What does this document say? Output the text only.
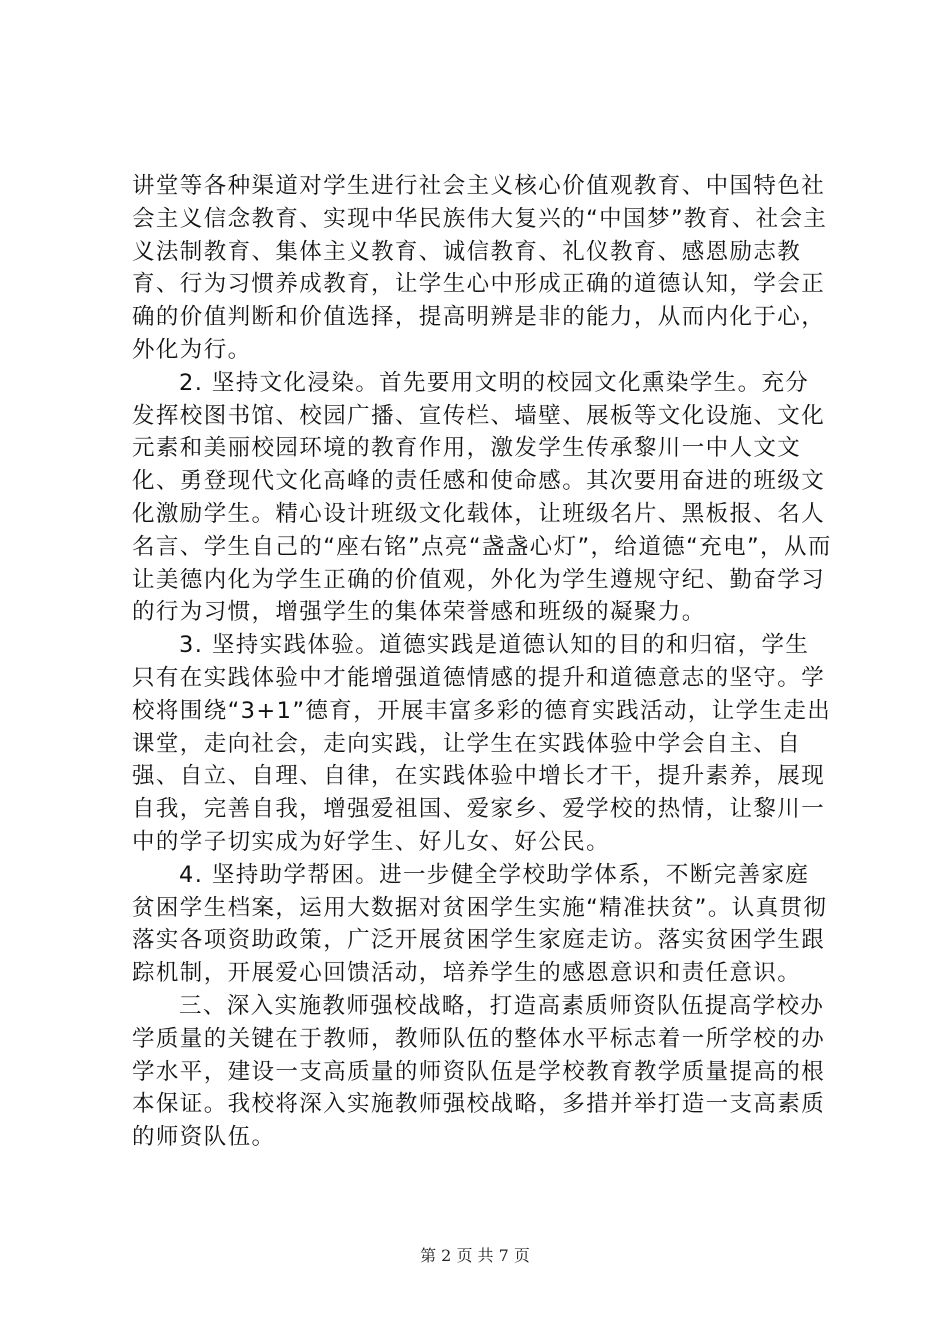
讲堂等各种渠道对学生进行社会主义核心价值观教育、中国特色社会主义信念教育、实现中华民族伟大复兴的“中国梦”教育、社会主义法制教育、集体主义教育、诚信教育、礼仪教育、感恩励志教育、行为习惯养成教育，让学生心中形成正确的道德认知，学会正确的价值判断和价值选择，提高明辨是非的能力，从而内化于心，外化为行。

2. 坚持文化浸染。首先要用文明的校园文化熏染学生。充分发挥校图书馆、校园广播、宣传栏、墙壁、展板等文化设施、文化元素和美丽校园环境的教育作用，激发学生传承黎川一中人文文化、勇登现代文化高峰的责任感和使命感。其次要用奋进的班级文化激励学生。精心设计班级文化载体，让班级名片、黑板报、名人名言、学生自己的“座右铭”点亮“盏盏心灯”，给道德“充电”，从而让美德内化为学生正确的价值观，外化为学生遵规守纪、勤奋学习的行为习惯，增强学生的集体荣誉感和班级的凝聚力。

3. 坚持实践体验。道德实践是道德认知的目的和归宿，学生只有在实践体验中才能增强道德情感的提升和道德意志的坚守。学校将围绕“3+1”德育，开展丰富多彩的德育实践活动，让学生走出课堂，走向社会，走向实践，让学生在实践体验中学会自主、自强、自立、自理、自律，在实践体验中增长才干，提升素养，展现自我，完善自我，增强爱祖国、爱家乡、爱学校的热情，让黎川一中的学子切实成为好学生、好儿女、好公民。

4. 坚持助学帮困。进一步健全学校助学体系，不断完善家庭贫困学生档案，运用大数据对贫困学生实施“精准扶贫”。认真贯彻落实各项资助政策，广泛开展贫困学生家庭走访。落实贫困学生跟踪机制，开展爱心回馈活动，培养学生的感恩意识和责任意识。

三、深入实施教师强校战略，打造高素质师资队伍提高学校办学质量的关键在于教师，教师队伍的整体水平标志着一所学校的办学水平，建设一支高质量的师资队伍是学校教育教学质量提高的根本保证。我校将深入实施教师强校战略，多措并举打造一支高素质的师资队伍。

第 2 页 共 7 页
